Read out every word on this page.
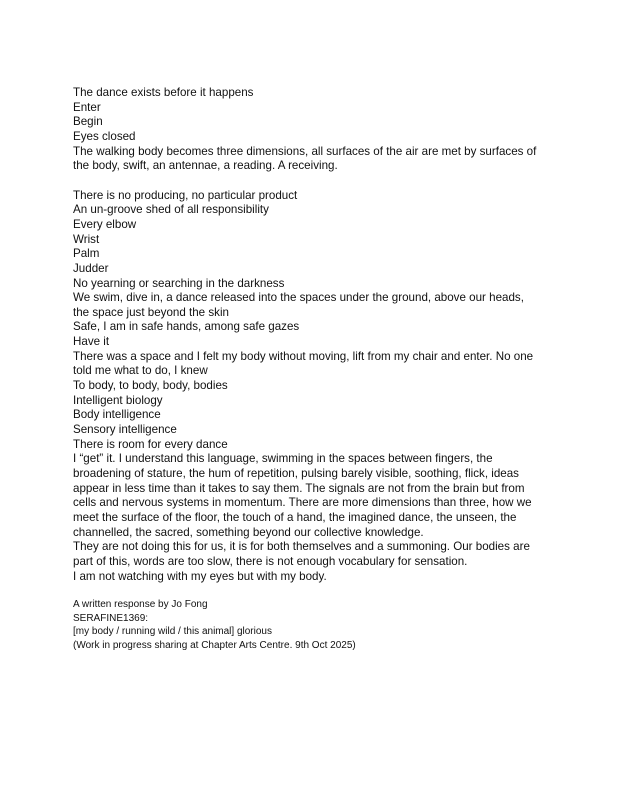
The dance exists before it happens
Enter
Begin
Eyes closed
The walking body becomes three dimensions, all surfaces of the air are met by surfaces of the body, swift, an antennae, a reading. A receiving.
There is no producing, no particular product
An un-groove shed of all responsibility
Every elbow
Wrist
Palm
Judder
No yearning or searching in the darkness
We swim, dive in, a dance released into the spaces under the ground, above our heads, the space just beyond the skin
Safe, I am in safe hands, among safe gazes
Have it
There was a space and I felt my body without moving, lift from my chair and enter. No one told me what to do, I knew
To body, to body, body, bodies
Intelligent biology
Body intelligence
Sensory intelligence
There is room for every dance
I “get” it. I understand this language, swimming in the spaces between fingers, the broadening of stature, the hum of repetition, pulsing barely visible, soothing, flick, ideas appear in less time than it takes to say them. The signals are not from the brain but from cells and nervous systems in momentum. There are more dimensions than three, how we meet the surface of the floor, the touch of a hand, the imagined dance, the unseen, the channelled, the sacred, something beyond our collective knowledge.
They are not doing this for us, it is for both themselves and a summoning. Our bodies are part of this, words are too slow, there is not enough vocabulary for sensation.
I am not watching with my eyes but with my body.
A written response by Jo Fong
SERAFINE1369:
[my body / running wild / this animal] glorious
(Work in progress sharing at Chapter Arts Centre. 9th Oct 2025)
